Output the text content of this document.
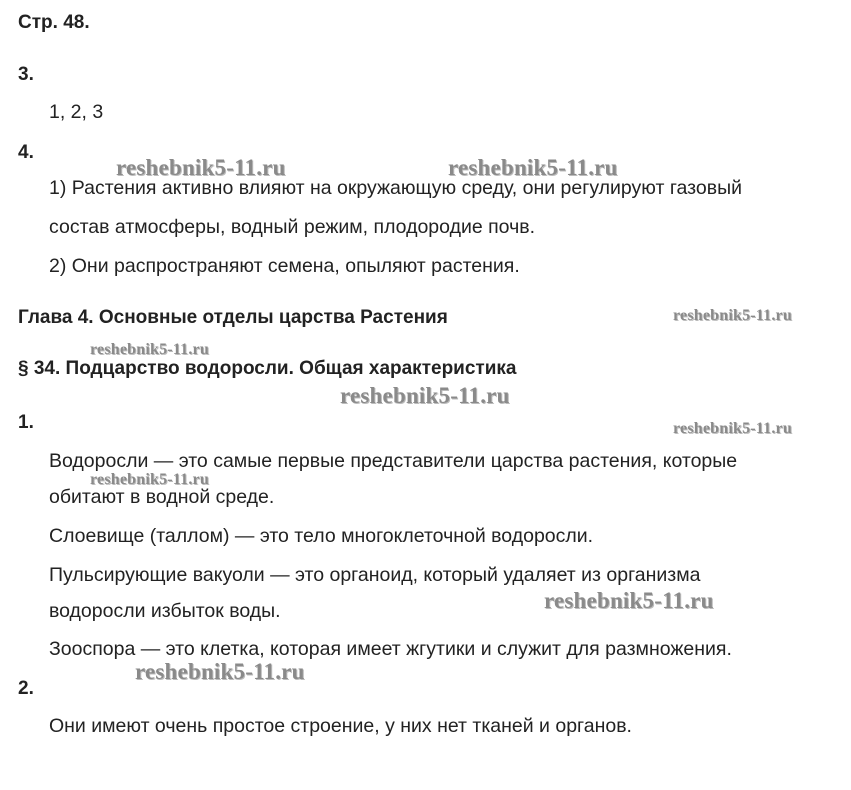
Стр. 48.
3.
1, 2, 3
4.
1) Растения активно влияют на окружающую среду, они регулируют газовый
состав атмосферы, водный режим, плодородие почв.
2) Они распространяют семена, опыляют растения.
Глава 4. Основные отделы царства Растения
§ 34. Подцарство водоросли. Общая характеристика
1.
Водоросли — это самые первые представители царства растения, которые
обитают в водной среде.
Слоевище (таллом) — это тело многоклеточной водоросли.
Пульсирующие вакуоли — это органоид, который удаляет из организма
водоросли избыток воды.
Зооспора — это клетка, которая имеет жгутики и служит для размножения.
2.
Они имеют очень простое строение, у них нет тканей и органов.
reshebnik5-11.ru	reshebnik5-11.ru
reshebnik5-11.ru
reshebnik5-11.ru
reshebnik5-11.ru
reshebnik5-11.ru
reshebnik5-11.ru
reshebnik5-11.ru
reshebnik5-11.ru
